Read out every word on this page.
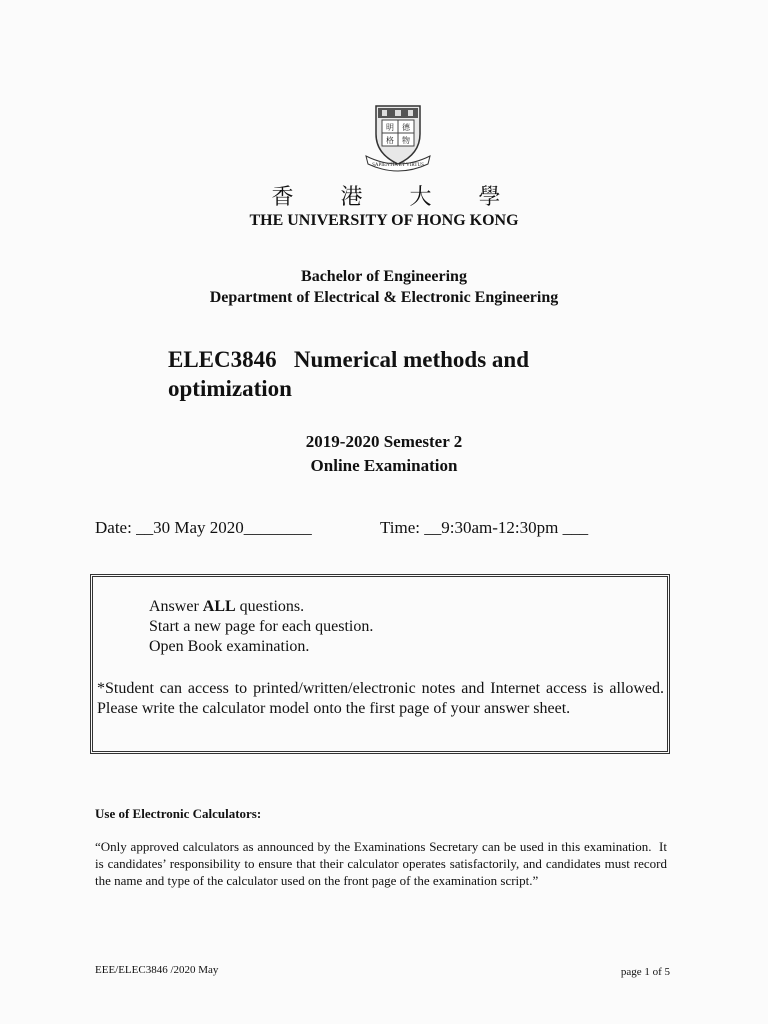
明 德
格 物
SAPIENTIA ET VIRTUS
香 港 大 學
THE UNIVERSITY OF HONG KONG
Bachelor of Engineering
Department of Electrical & Electronic Engineering
ELEC3846   Numerical methods and
optimization
2019-2020 Semester 2
Online Examination
Date: __30 May 2020________	Time: __9:30am-12:30pm ___
Answer ALL questions.
Start a new page for each question.
Open Book examination.
*Student can access to printed/written/electronic notes and Internet access is allowed. Please write the calculator model onto the first page of your answer sheet.
Use of Electronic Calculators:
“Only approved calculators as announced by the Examinations Secretary can be used in this examination.  It is candidates’ responsibility to ensure that their calculator operates satisfactorily, and candidates must record the name and type of the calculator used on the front page of the examination script.”
EEE/ELEC3846 /2020 May	page 1 of 5
